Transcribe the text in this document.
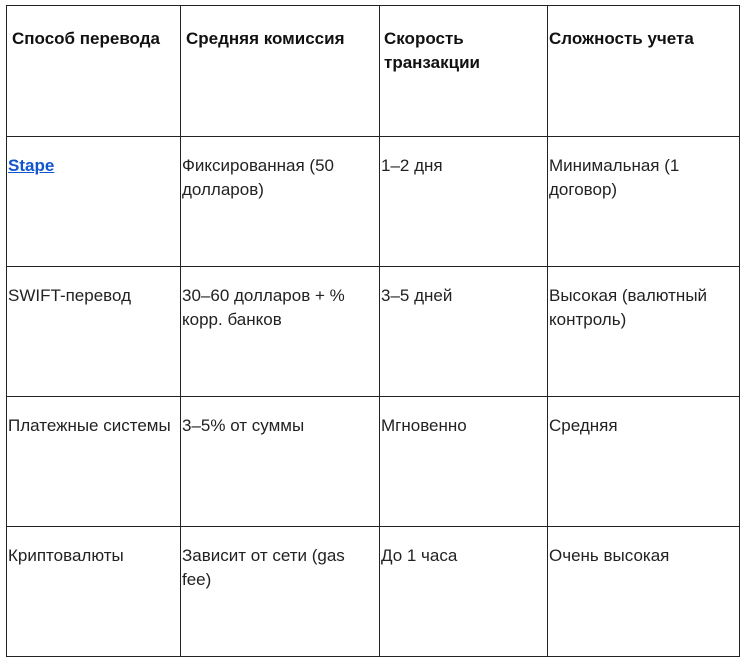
Способ перевода	Средняя комиссия	Скорость транзакции	Сложность учета
Stape	Фиксированная (50 долларов)	1–2 дня	Минимальная (1 договор)
SWIFT-перевод	30–60 долларов + % корр. банков	3–5 дней	Высокая (валютный контроль)
Платежные системы	3–5% от суммы	Мгновенно	Средняя
Криптовалюты	Зависит от сети (gas fee)	До 1 часа	Очень высокая
